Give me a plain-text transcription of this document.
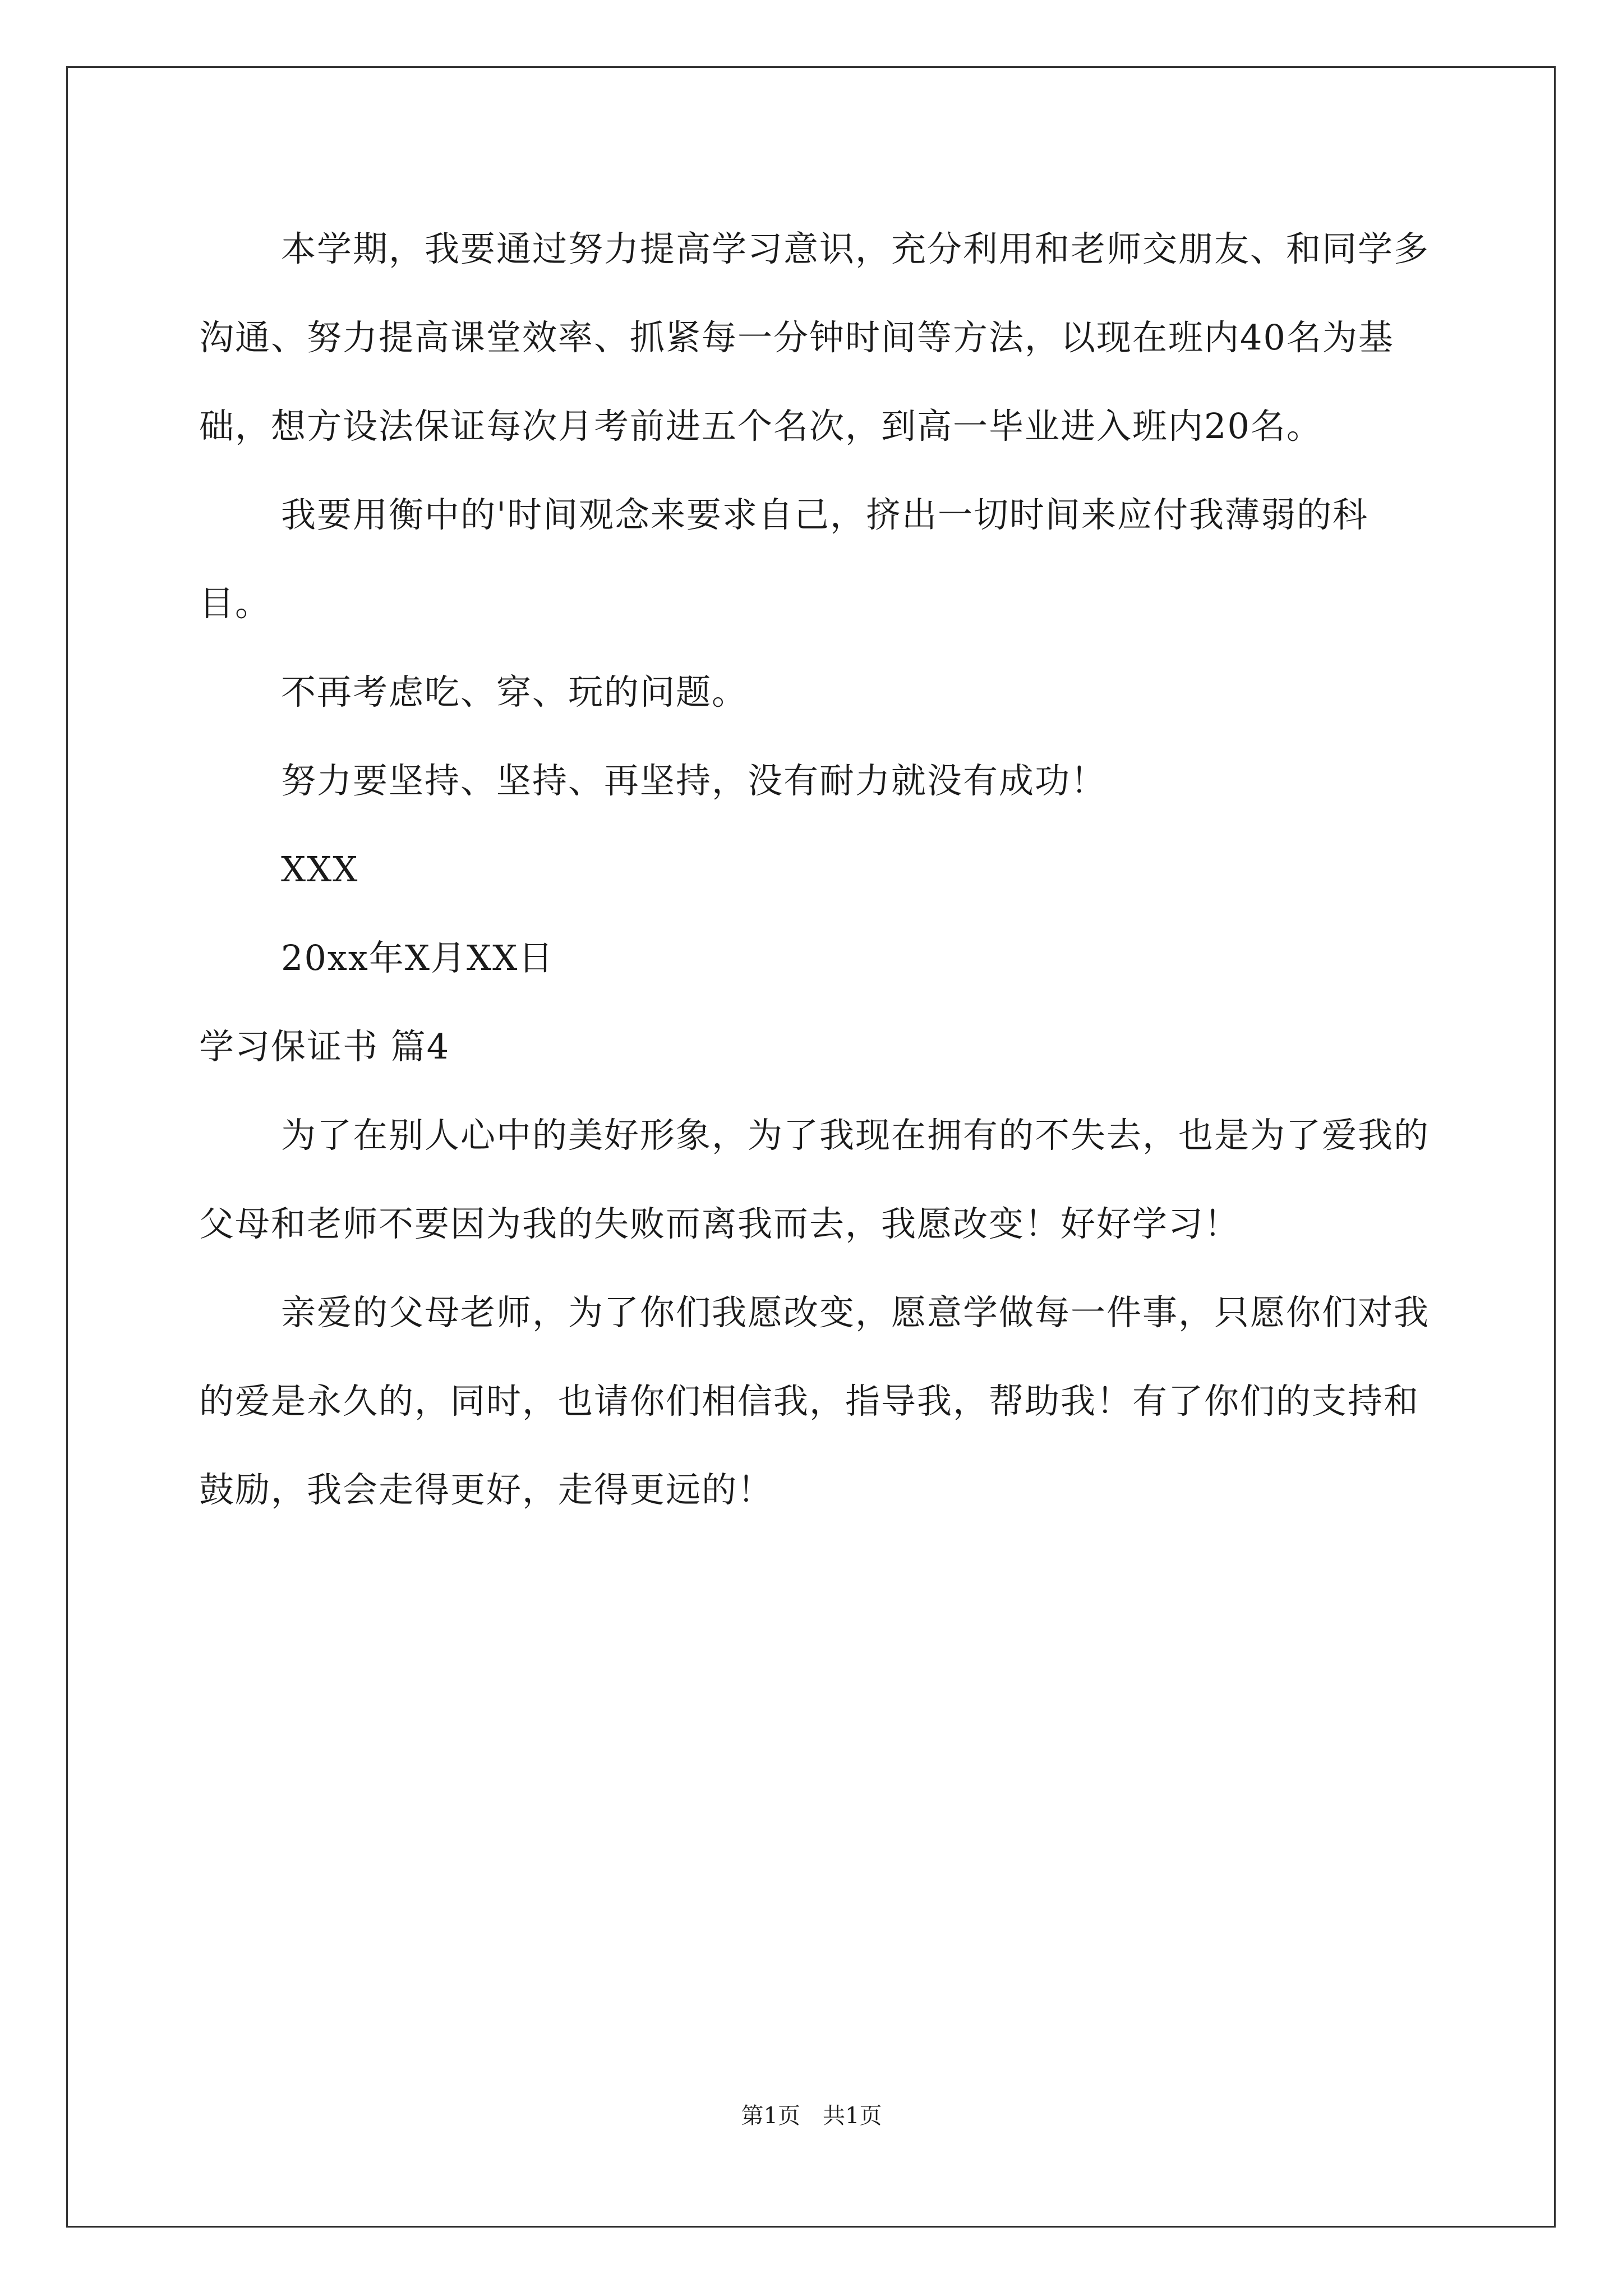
本学期，我要通过努力提高学习意识，充分利用和老师交朋友、和同学多沟通、努力提高课堂效率、抓紧每一分钟时间等方法，以现在班内40名为基础，想方设法保证每次月考前进五个名次，到高一毕业进入班内20名。

我要用衡中的'时间观念来要求自己，挤出一切时间来应付我薄弱的科目。

不再考虑吃、穿、玩的问题。

努力要坚持、坚持、再坚持，没有耐力就没有成功！

XXX

20xx年X月XX日

学习保证书 篇4

为了在别人心中的美好形象，为了我现在拥有的不失去，也是为了爱我的父母和老师不要因为我的失败而离我而去，我愿改变！好好学习！

亲爱的父母老师，为了你们我愿改变，愿意学做每一件事，只愿你们对我的爱是永久的，同时，也请你们相信我，指导我，帮助我！有了你们的支持和鼓励，我会走得更好，走得更远的！

第1页　共1页
